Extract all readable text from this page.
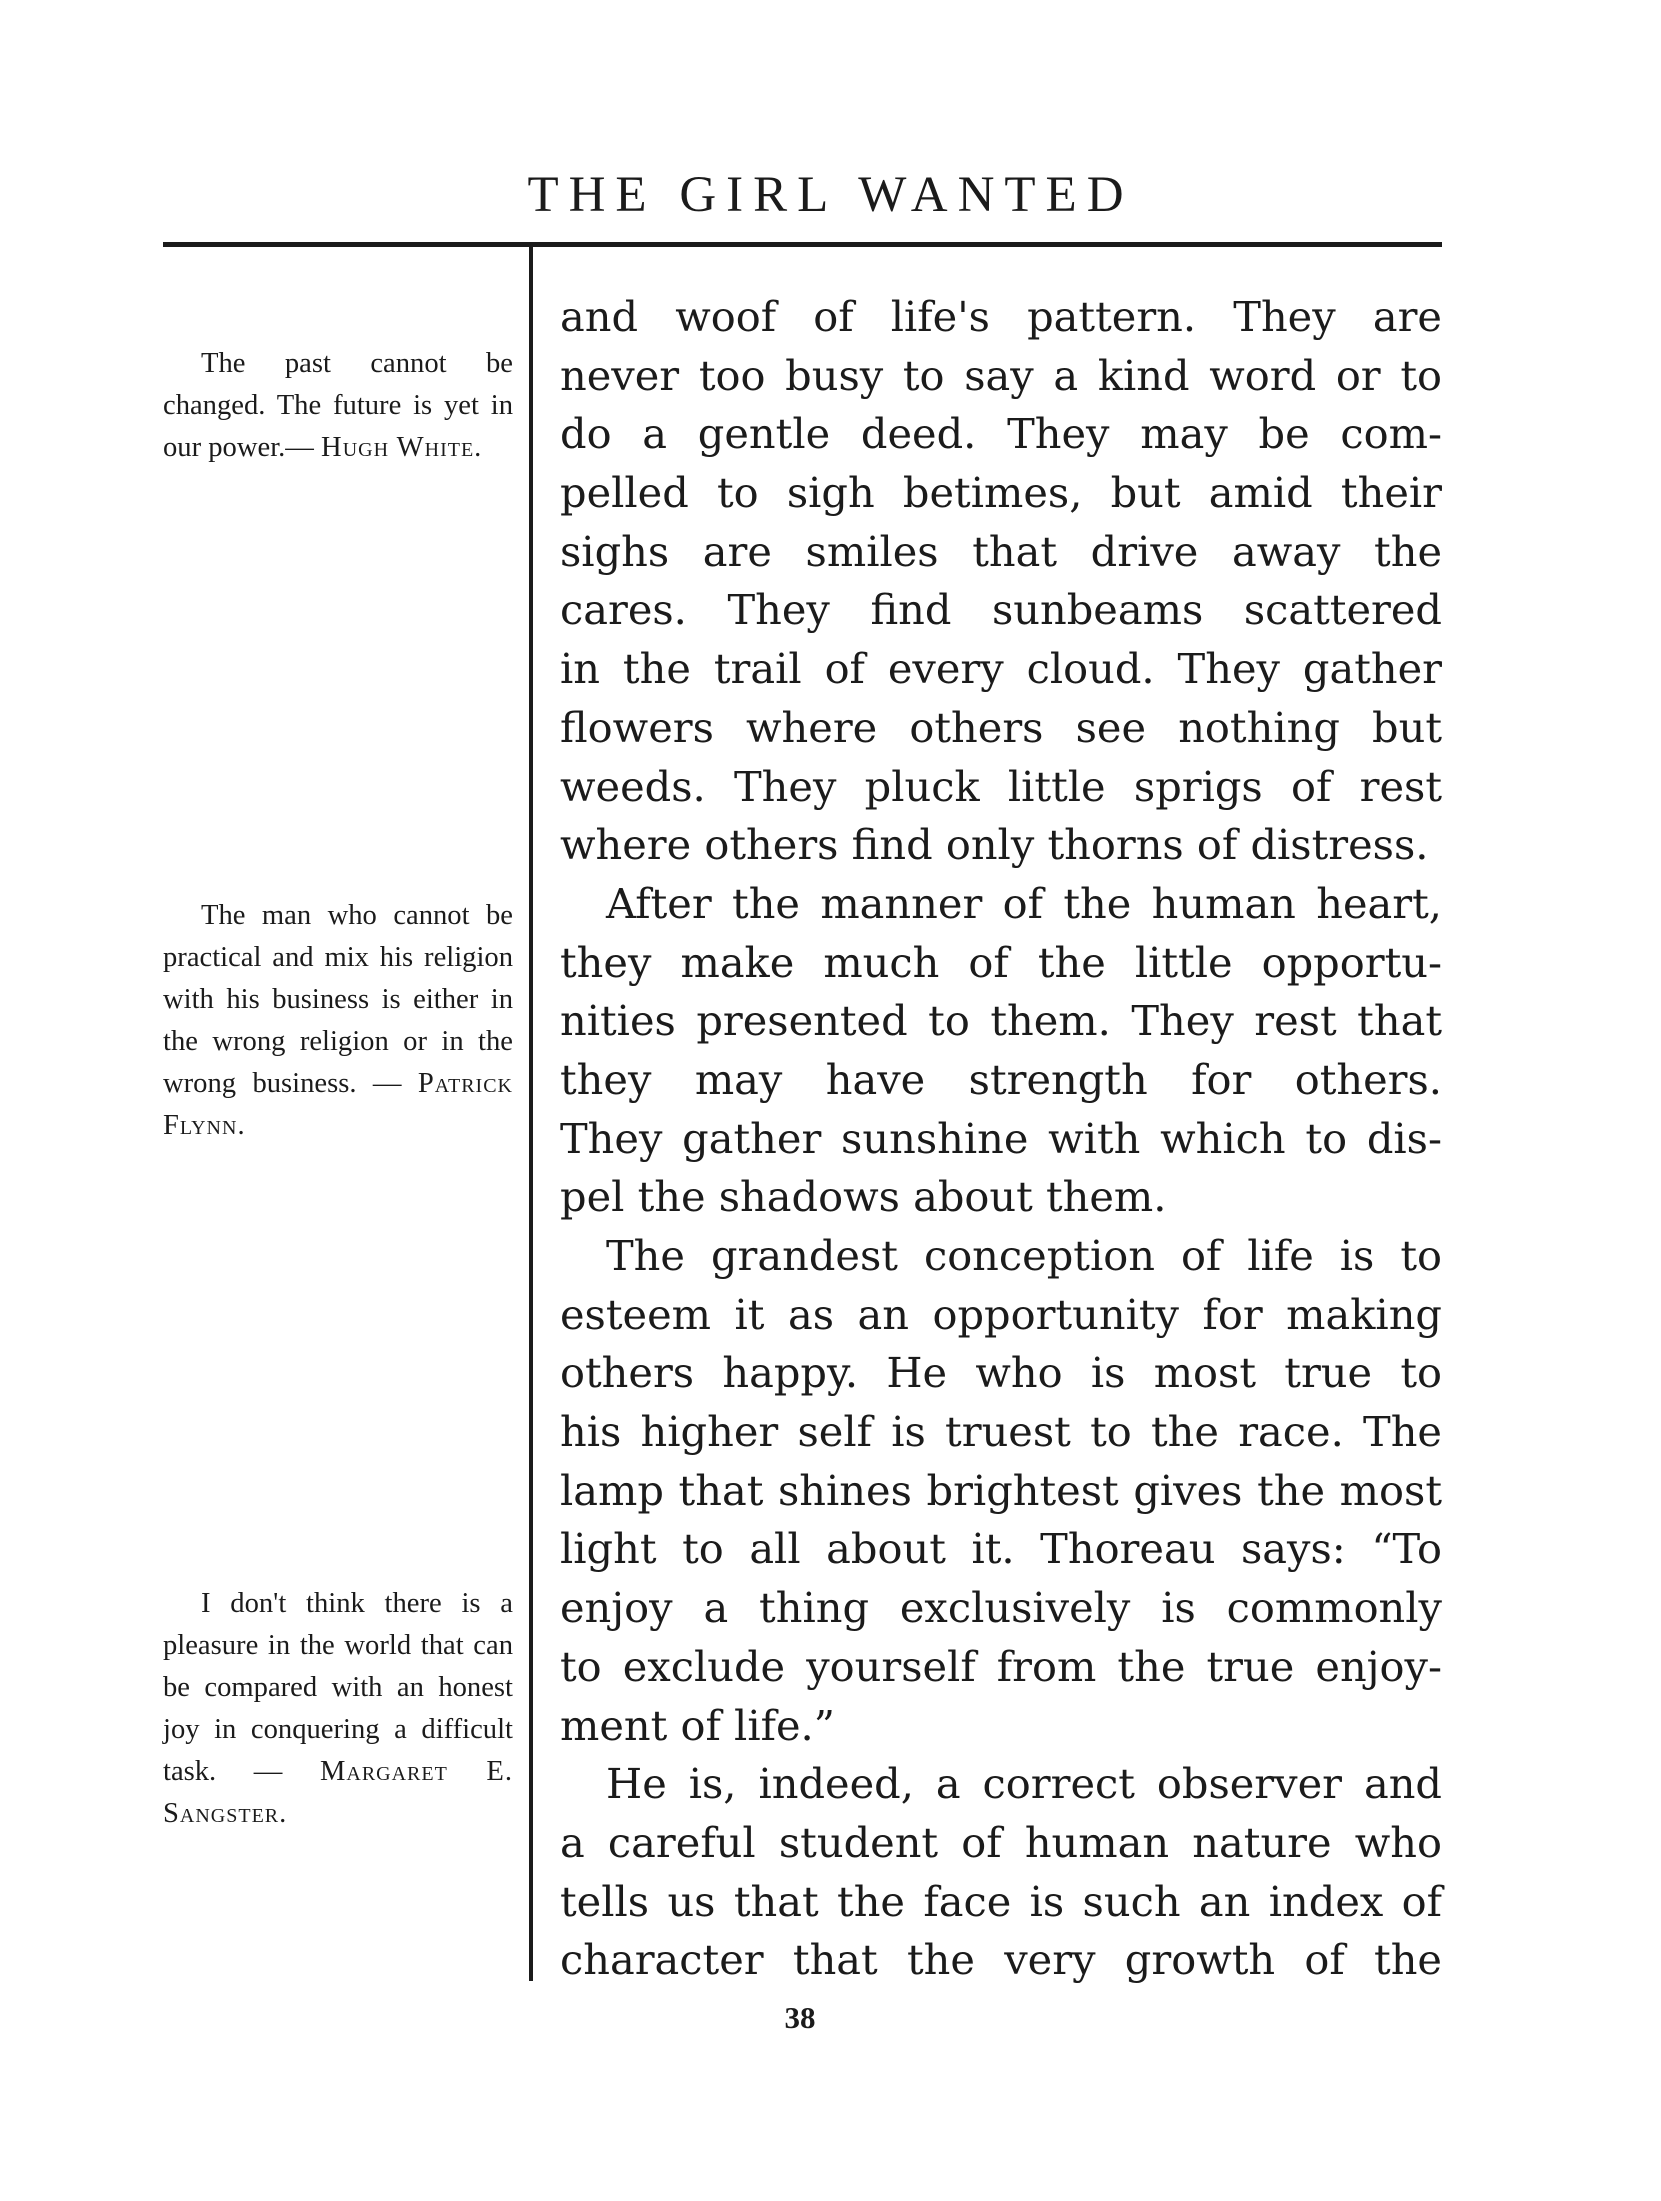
THE GIRL WANTED
The past cannot be changed. The future is yet in our power.— Hugh White.
The man who cannot be practical and mix his religion with his business is either in the wrong religion or in the wrong business. — Patrick Flynn.
I don't think there is a pleasure in the world that can be compared with an honest joy in conquering a difficult task. — Margaret E. Sangster.
and woof of life's pattern. They are
never too busy to say a kind word or to
do a gentle deed. They may be com-
pelled to sigh betimes, but amid their
sighs are smiles that drive away the
cares. They find sunbeams scattered
in the trail of every cloud. They gather
flowers where others see nothing but
weeds. They pluck little sprigs of rest
where others find only thorns of distress.
After the manner of the human heart,
they make much of the little opportu-
nities presented to them. They rest that
they may have strength for others.
They gather sunshine with which to dis-
pel the shadows about them.
The grandest conception of life is to
esteem it as an opportunity for making
others happy. He who is most true to
his higher self is truest to the race. The
lamp that shines brightest gives the most
light to all about it. Thoreau says: “To
enjoy a thing exclusively is commonly
to exclude yourself from the true enjoy-
ment of life.”
He is, indeed, a correct observer and
a careful student of human nature who
tells us that the face is such an index of
character that the very growth of the
38
